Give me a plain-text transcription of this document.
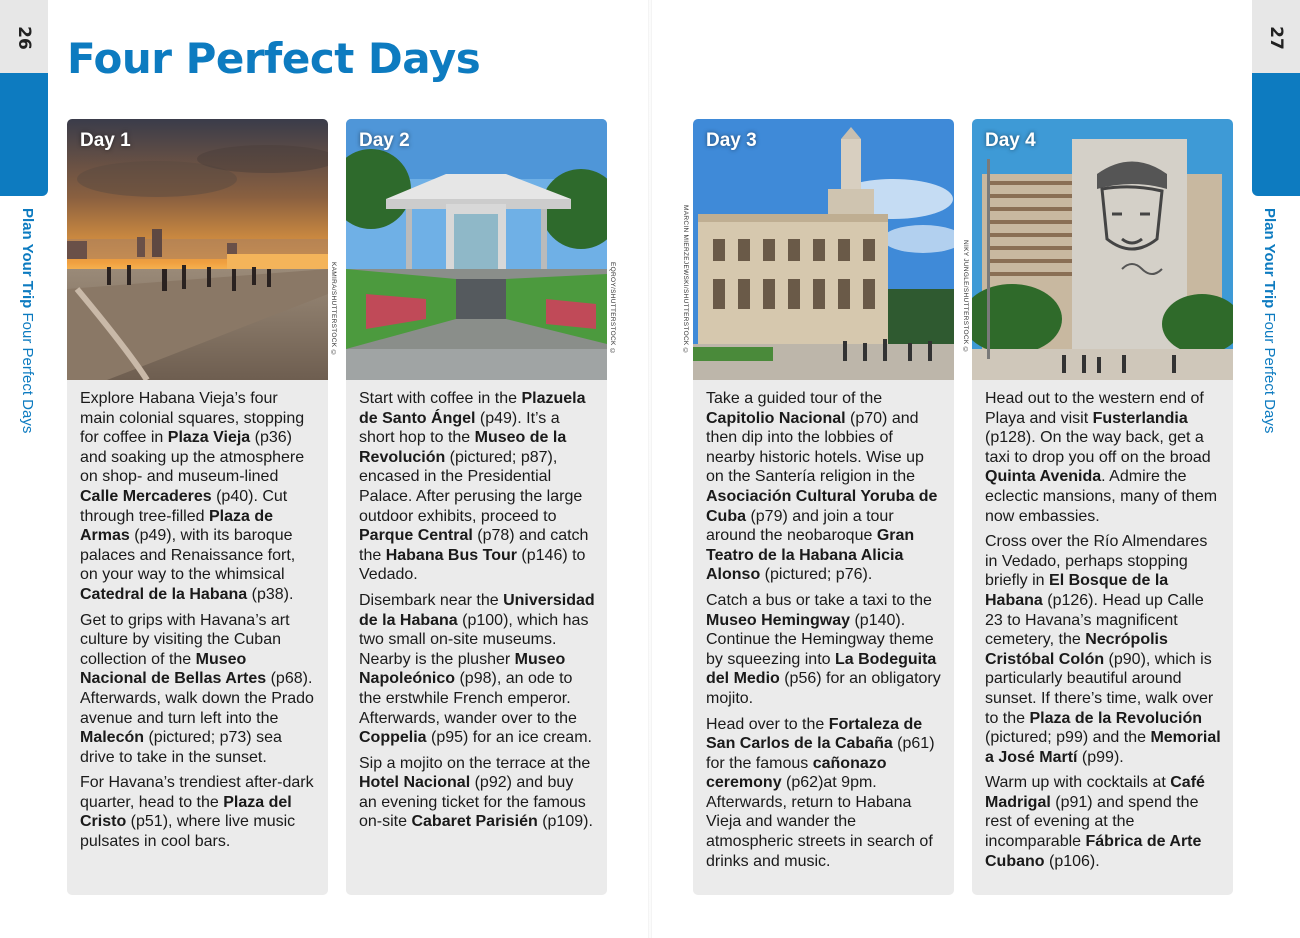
26
Plan Your Trip Four Perfect Days
27
Plan Your Trip Four Perfect Days
Four Perfect Days
Day 1

Explore Habana Vieja’s four main colonial squares, stopping for coffee in Plaza Vieja (p36) and soaking up the atmosphere on shop- and museum-lined Calle Mercaderes (p40). Cut through tree-filled Plaza de Armas (p49), with its baroque palaces and Renaissance fort, on your way to the whimsical Catedral de la Habana (p38).

Get to grips with Havana’s art culture by visiting the Cuban collection of the Museo Nacional de Bellas Artes (p68). Afterwards, walk down the Prado avenue and turn left into the Malecón (pictured; p73) sea drive to take in the sunset.

For Havana’s trendiest after-dark quarter, head to the Plaza del Cristo (p51), where live music pulsates in cool bars.

KAMIRA/SHUTTERSTOCK ©
Day 2

Start with coffee in the Plazuela de Santo Ángel (p49). It’s a short hop to the Museo de la Revolución (pictured; p87), encased in the Presidential Palace. After perusing the large outdoor exhibits, proceed to Parque Central (p78) and catch the Habana Bus Tour (p146) to Vedado.

Disembark near the Universidad de la Habana (p100), which has two small on-site museums. Nearby is the plusher Museo Napoleónico (p98), an ode to the erstwhile French emperor. Afterwards, wander over to the Coppelia (p95) for an ice cream.

Sip a mojito on the terrace at the Hotel Nacional (p92) and buy an evening ticket for the famous on-site Cabaret Parisién (p109).

EQROY/SHUTTERSTOCK ©	MARCIN MIERZEJEWSKI/SHUTTERSTOCK ©
Day 3

Take a guided tour of the Capitolio Nacional (p70) and then dip into the lobbies of nearby historic hotels. Wise up on the Santería religion in the Asociación Cultural Yoruba de Cuba (p79) and join a tour around the neobaroque Gran Teatro de la Habana Alicia Alonso (pictured; p76).

Catch a bus or take a taxi to the Museo Hemingway (p140). Continue the Hemingway theme by squeezing into La Bodeguita del Medio (p56) for an obligatory mojito.

Head over to the Fortaleza de San Carlos de la Cabaña (p61) for the famous cañonazo ceremony (p62)at 9pm. Afterwards, return to Habana Vieja and wander the atmospheric streets in search of drinks and music.

NIKY JUNGLE/SHUTTERSTOCK ©
Day 4

Head out to the western end of Playa and visit Fusterlandia (p128). On the way back, get a taxi to drop you off on the broad Quinta Avenida. Admire the eclectic mansions, many of them now embassies.

Cross over the Río Almendares in Vedado, perhaps stopping briefly in El Bosque de la Habana (p126). Head up Calle 23 to Havana’s magnificent cemetery, the Necrópolis Cristóbal Colón (p90), which is particularly beautiful around sunset. If there’s time, walk over to the Plaza de la Revolución (pictured; p99) and the Memorial a José Martí (p99).

Warm up with cocktails at Café Madrigal (p91) and spend the rest of evening at the incomparable Fábrica de Arte Cubano (p106).
